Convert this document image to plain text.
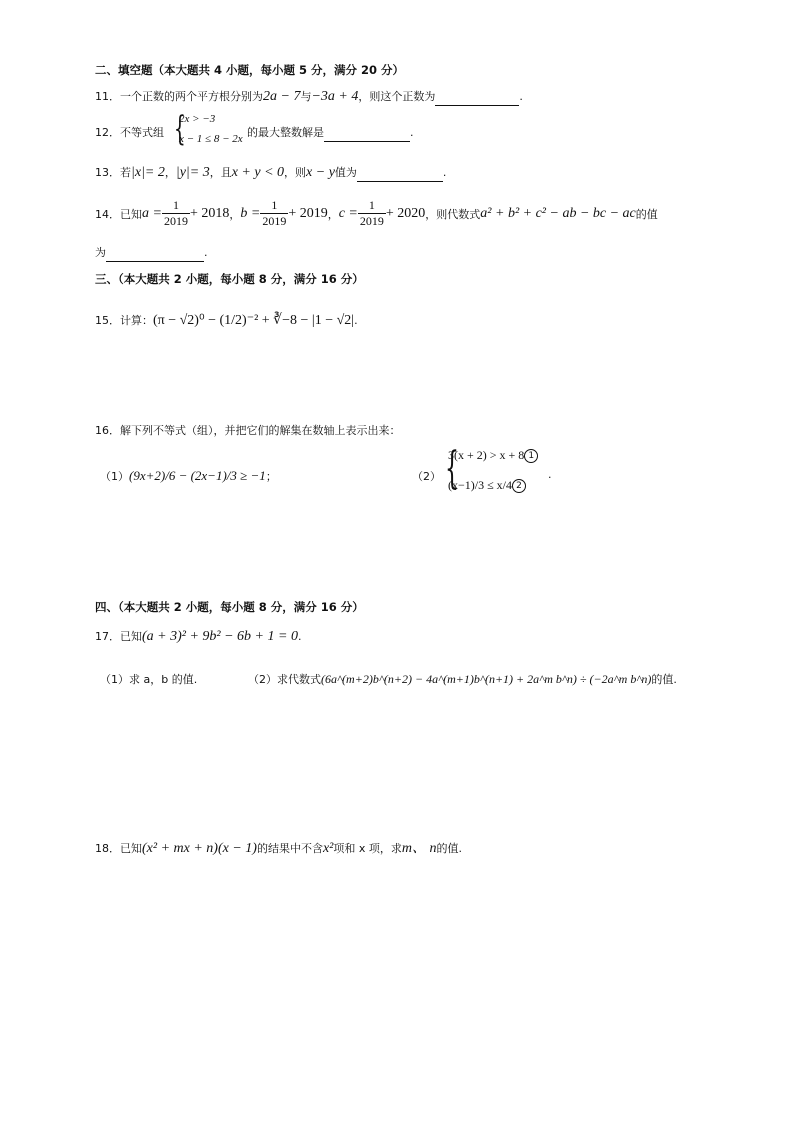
二、填空题（本大题共 4 小题，每小题 5 分，满分 20 分）
11．一个正数的两个平方根分别为2a − 7与−3a + 4，则这个正数为	.
12．不等式组 {
2x > −3
x − 1 ≤ 8 − 2x 的最大整数解是	.
13．若|x|= 2，|y|= 3，且x + y < 0，则x − y值为	.
14． 已知 $a = \frac{1}{2019} + 2018$ ， $b = \frac{1}{2019} + 2019$ ， $c = \frac{1}{2019} + 2020$ ，则代数式 a² + b² + c² − ab − bc − ac 的值
为	.
三、（本大题共 2 小题，每小题 8 分，满分 16 分）
15．计算：(π − √2)⁰ − (1/2)⁻² + ∛−8 − |1 − √2|.
16．解下列不等式（组），并把它们的解集在数轴上表示出来：
（1）(9x+2)/6 − (2x−1)/3 ≥ −1；	（2） {
3(x + 2) > x + 8 1
(x−1)/3 ≤ x/4 2
.
四、（本大题共 2 小题，每小题 8 分，满分 16 分）
17．已知(a + 3)² + 9b² − 6b + 1 = 0.
（1）求 a，b 的值.	（2）求代数式(6a^(m+2)b^(n+2) − 4a^(m+1)b^(n+1) + 2a^m b^n) ÷ (−2a^m b^n)的值.
18．已知(x² + mx + n)(x − 1)的结果中不含x²项和 x 项，求m、 n的值.
